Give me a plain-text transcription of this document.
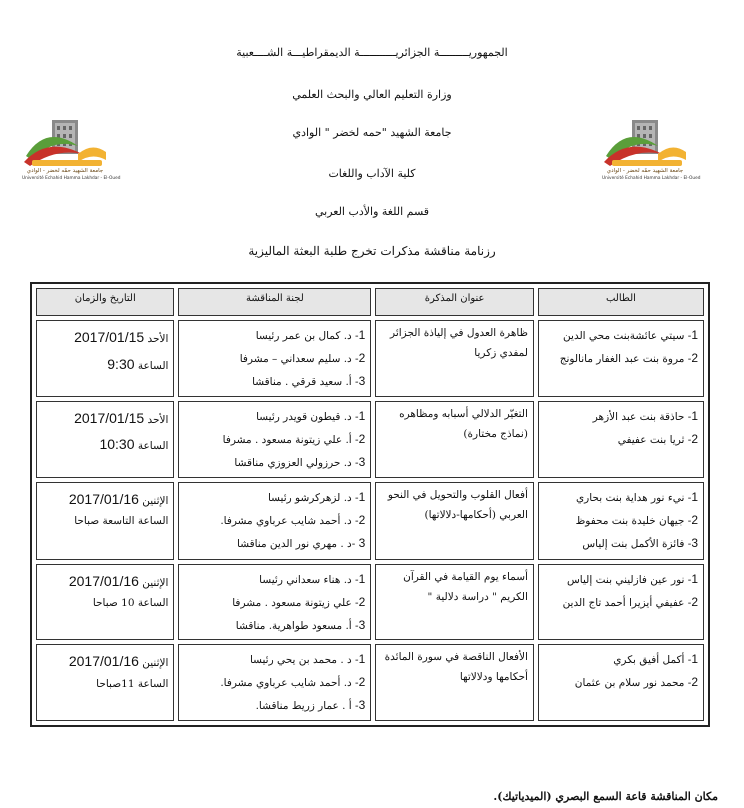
الجمهوريـــــــــة الجزائريـــــــــــة الديمقراطيـــة الشــــعبية
وزارة التعليم العالي والبحث العلمي
جامعة الشهيد "حمه لخضر " الوادي
كلية الآداب واللغات
قسم اللغة والأدب العربي
رزنامة مناقشة مذكرات تخرج طلبة البعثة الماليزية
جامعة الشهيد حمّه لخضر - الوادي
Université Echahid Hamma Lakhdar - El-Oued
جامعة الشهيد حمّه لخضر - الوادي
Université Echahid Hamma Lakhdar - El-Oued
الطالب	عنوان المذكرة	لجنة المناقشة	التاريخ والزمان

1- سيتي عائشةبنت محي الدين
2- مروة بنت عبد الغفار مانالونج	ظاهرة العدول في إلياذة الجزائر لمفدي زكريا	1- د. كمال بن عمر رئيسا
2- د. سليم سعداني – مشرفا
3- أ. سعيد قرقي . مناقشا	الأحد 2017/01/15
الساعة 9:30

1- حاذقة بنت عبد الأزهر
2- ثريا بنت عفيفي	التغيّر الدلالي أسبابه ومظاهره (نماذج مختارة)	1- د. قيطون قويدر رئيسا
2- أ. علي زيتونة مسعود . مشرفا
3- د. حرزولي العزوزي مناقشا	الأحد 2017/01/15
الساعة 10:30

1- نيء نور هداية بنت بحاري
2- جيهان خليدة بنت محفوظ
3- فائزة الأكمل بنت إلياس	أفعال القلوب والتحويل في النحو العربي (أحكامها-دلالاتها)	1- د. لزهركرشو رئيسا
2- د. أحمد شايب عرباوي مشرفا.
3 -د . مهري نور الدين مناقشا	الإثنين 2017/01/16
الساعة التاسعة صباحا

1- نور عين فازليني بنت إلياس
2- عفيفي أيزيرا أحمد تاج الدين	أسماء يوم القيامة في القرآن الكريم " دراسة دلالية "	1- د. هناء سعداني رئيسا
2- علي زيتونة مسعود . مشرفا
3- أ. مسعود طواهرية. مناقشا	الإثنين 2017/01/16
الساعة 10 صباحا

1- أكمل أفيق بكري
2- محمد نور سلام بن عثمان	الأفعال الناقصة في سورة المائدة أحكامها ودلالاتها	1- د . محمد بن يحي رئيسا
2- د. أحمد شايب عرباوي مشرفا.
3- أ . عمار زريط مناقشا.	الإثنين 2017/01/16
الساعة 11صباحا
مكان المناقشة قاعة السمع البصري (الميدياتيك).
